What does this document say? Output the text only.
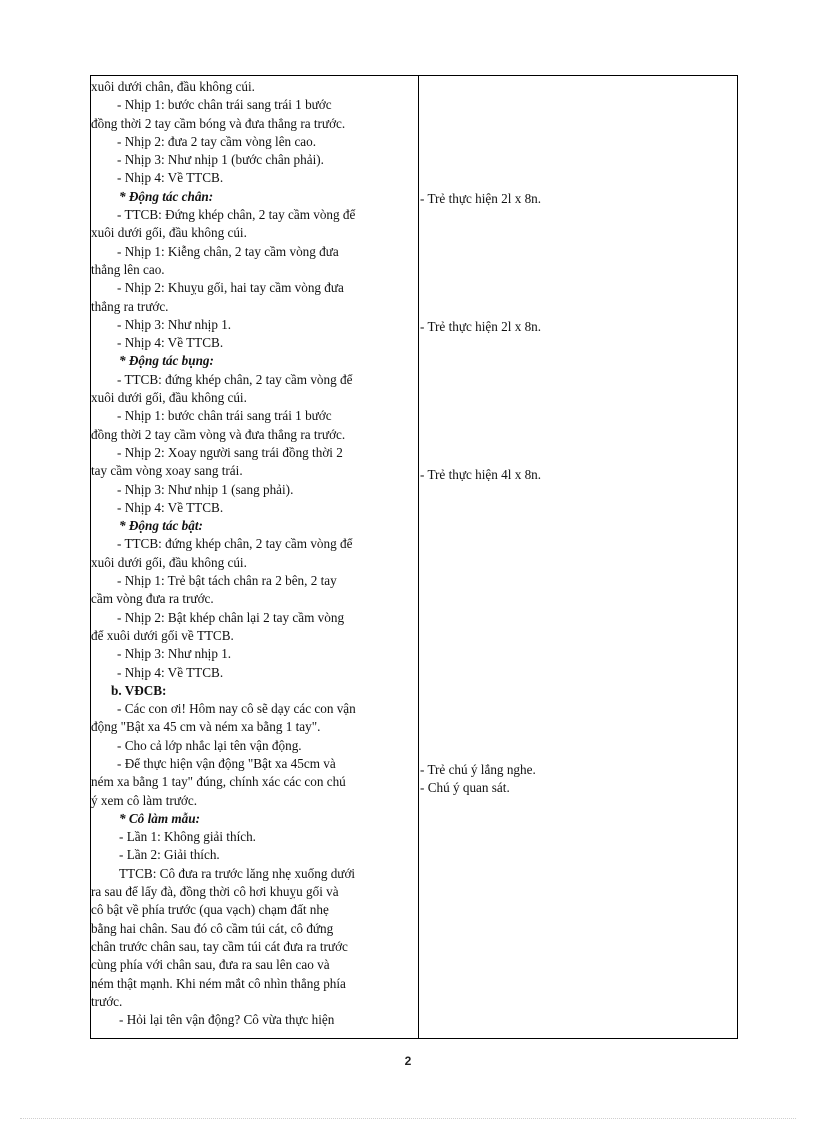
xuôi dưới chân, đầu không cúi.
- Nhịp 1: bước chân trái sang trái 1 bước
đồng thời 2 tay cầm bóng và đưa thẳng ra trước.
- Nhịp 2: đưa 2 tay cầm vòng lên cao.
- Nhịp 3: Như nhịp 1 (bước chân phải).
- Nhịp 4: Về TTCB.
* Động tác chân:
- TTCB: Đứng khép chân, 2 tay cầm vòng để
xuôi dưới gối, đầu không cúi.
- Nhịp 1: Kiễng chân, 2 tay cầm vòng đưa
thẳng lên cao.
- Nhịp 2: Khuỵu gối, hai tay cầm vòng đưa
thẳng ra trước.
- Nhịp 3: Như nhịp 1.
- Nhịp 4: Về TTCB.
* Động tác bụng:
- TTCB: đứng khép chân, 2 tay cầm vòng để
xuôi dưới gối, đầu không cúi.
- Nhịp 1: bước chân trái sang trái 1 bước
đồng thời 2 tay cầm vòng và đưa thẳng ra trước.
- Nhịp 2: Xoay người sang trái đồng thời 2
tay cầm vòng xoay sang trái.
- Nhịp 3: Như nhịp 1 (sang phải).
- Nhịp 4: Về TTCB.
* Động tác bật:
- TTCB: đứng khép chân, 2 tay cầm vòng để
xuôi dưới gối, đầu không cúi.
- Nhịp 1: Trẻ bật tách chân ra 2 bên, 2 tay
cầm vòng đưa ra trước.
- Nhịp 2: Bật khép chân lại 2 tay cầm vòng
để xuôi dưới gối về TTCB.
- Nhịp 3: Như nhịp 1.
- Nhịp 4: Về TTCB.
b. VĐCB:
- Các con ơi! Hôm nay cô sẽ dạy các con vận
động "Bật xa 45 cm và ném xa bằng 1 tay".
- Cho cả lớp nhắc lại tên vận động.
- Để thực hiện vận động "Bật xa 45cm và
ném xa bằng 1 tay" đúng, chính xác các con chú
ý xem cô làm trước.
* Cô làm mẫu:
- Lần 1: Không giải thích.
- Lần 2: Giải thích.
TTCB: Cô đưa ra trước lăng nhẹ xuống dưới
ra sau để lấy đà, đồng thời cô hơi khuỵu gối và
cô bật về phía trước (qua vạch) chạm đất nhẹ
bằng hai chân. Sau đó cô cầm túi cát, cô đứng
chân trước chân sau, tay cầm túi cát đưa ra trước
cùng phía với chân sau, đưa ra sau lên cao và
ném thật mạnh. Khi ném mắt cô nhìn thẳng phía
trước.
- Hỏi lại tên vận động? Cô vừa thực hiện
- Trẻ thực hiện 2l x 8n.
- Trẻ thực hiện 2l x 8n.
- Trẻ thực hiện 4l x 8n.
- Trẻ chú ý lắng nghe.
- Chú ý quan sát.
2
